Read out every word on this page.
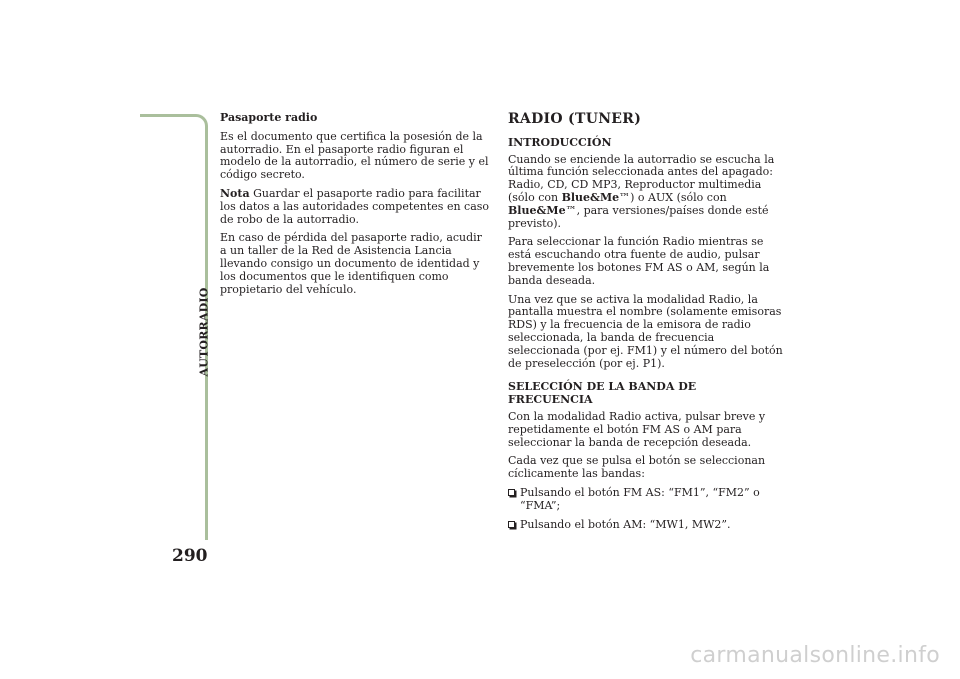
AUTORRADIO
290

Pasaporte radio

Es el documento que certifica la posesión de la autorradio. En el pasaporte radio figuran el modelo de la autorradio, el número de serie y el código secreto.

Nota Guardar el pasaporte radio para facilitar los datos a las autoridades competentes en caso de robo de la autorradio.

En caso de pérdida del pasaporte radio, acudir a un taller de la Red de Asistencia Lancia llevando consigo un documento de identidad y los documentos que le identifiquen como propietario del vehículo.

RADIO (TUNER)
INTRODUCCIÓN

Cuando se enciende la autorradio se escucha la última función seleccionada antes del apagado: Radio, CD, CD MP3, Reproductor multimedia (sólo con Blue&Me™) o AUX (sólo con Blue&Me™, para versiones/países donde esté previsto).

Para seleccionar la función Radio mientras se está escuchando otra fuente de audio, pulsar brevemente los botones FM AS o AM, según la banda deseada.

Una vez que se activa la modalidad Radio, la pantalla muestra el nombre (solamente emisoras RDS) y la frecuencia de la emisora de radio seleccionada, la banda de frecuencia seleccionada (por ej. FM1) y el número del botón de preselección (por ej. P1).

SELECCIÓN DE LA BANDA DE FRECUENCIA

Con la modalidad Radio activa, pulsar breve y repetidamente el botón FM AS o AM para seleccionar la banda de recepción deseada.

Cada vez que se pulsa el botón se seleccionan cíclicamente las bandas:

Pulsando el botón FM AS: “FM1”, “FM2” o “FMA”;
Pulsando el botón AM: “MW1, MW2”.
carmanualsonline.info
